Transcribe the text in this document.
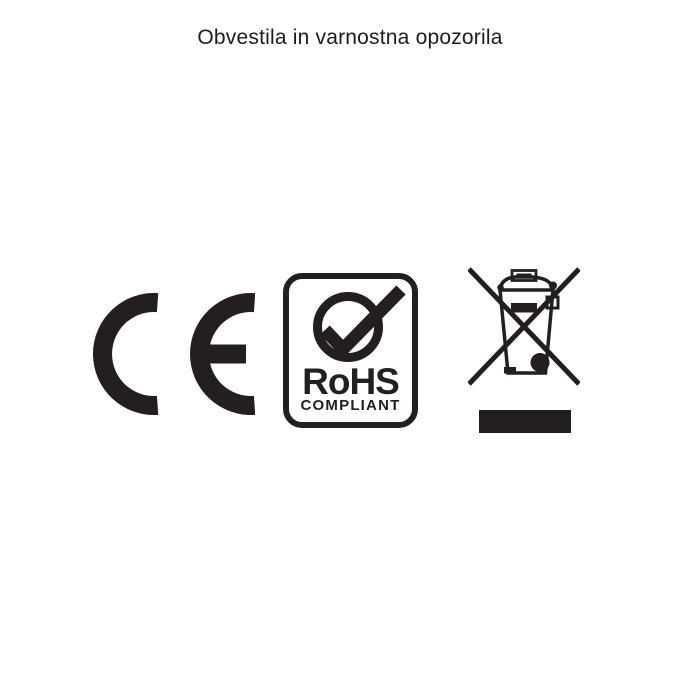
Obvestila in varnostna opozorila
RoHS
COMPLIANT
